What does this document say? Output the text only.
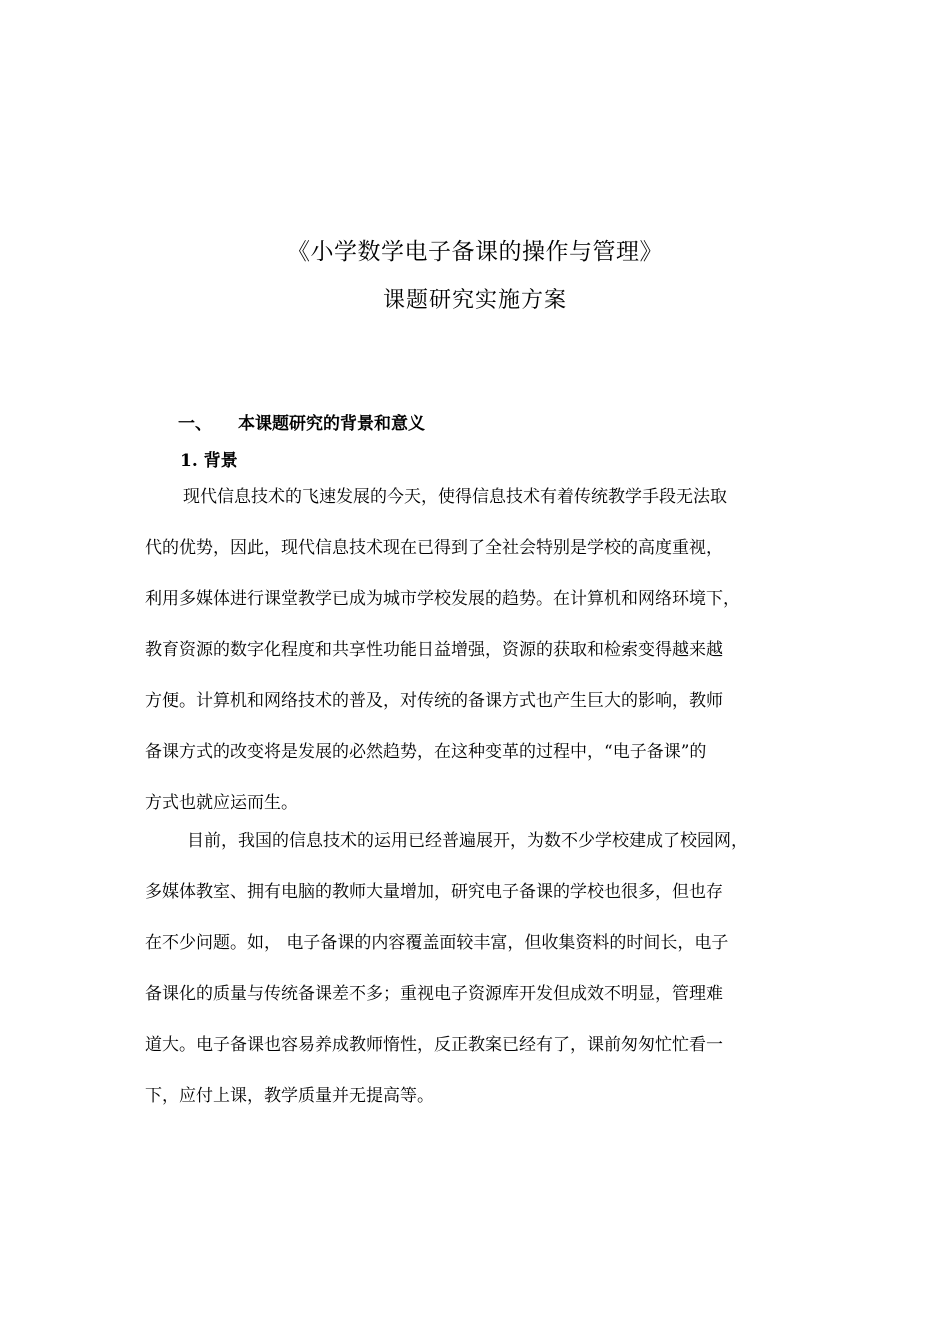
《小学数学电子备课的操作与管理》
课题研究实施方案
一、 本课题研究的背景和意义
1. 背景
现代信息技术的飞速发展的今天，使得信息技术有着传统教学手段无法取
代的优势，因此，现代信息技术现在已得到了全社会特别是学校的高度重视，
利用多媒体进行课堂教学已成为城市学校发展的趋势。在计算机和网络环境下，
教育资源的数字化程度和共享性功能日益增强，资源的获取和检索变得越来越
方便。计算机和网络技术的普及，对传统的备课方式也产生巨大的影响，教师
备课方式的改变将是发展的必然趋势，在这种变革的过程中，“电子备课”的
方式也就应运而生。
目前，我国的信息技术的运用已经普遍展开，为数不少学校建成了校园网，
多媒体教室、拥有电脑的教师大量增加，研究电子备课的学校也很多，但也存
在不少问题。如， 电子备课的内容覆盖面较丰富，但收集资料的时间长，电子
备课化的质量与传统备课差不多；重视电子资源库开发但成效不明显，管理难
道大。电子备课也容易养成教师惰性，反正教案已经有了，课前匆匆忙忙看一
下，应付上课，教学质量并无提高等。
